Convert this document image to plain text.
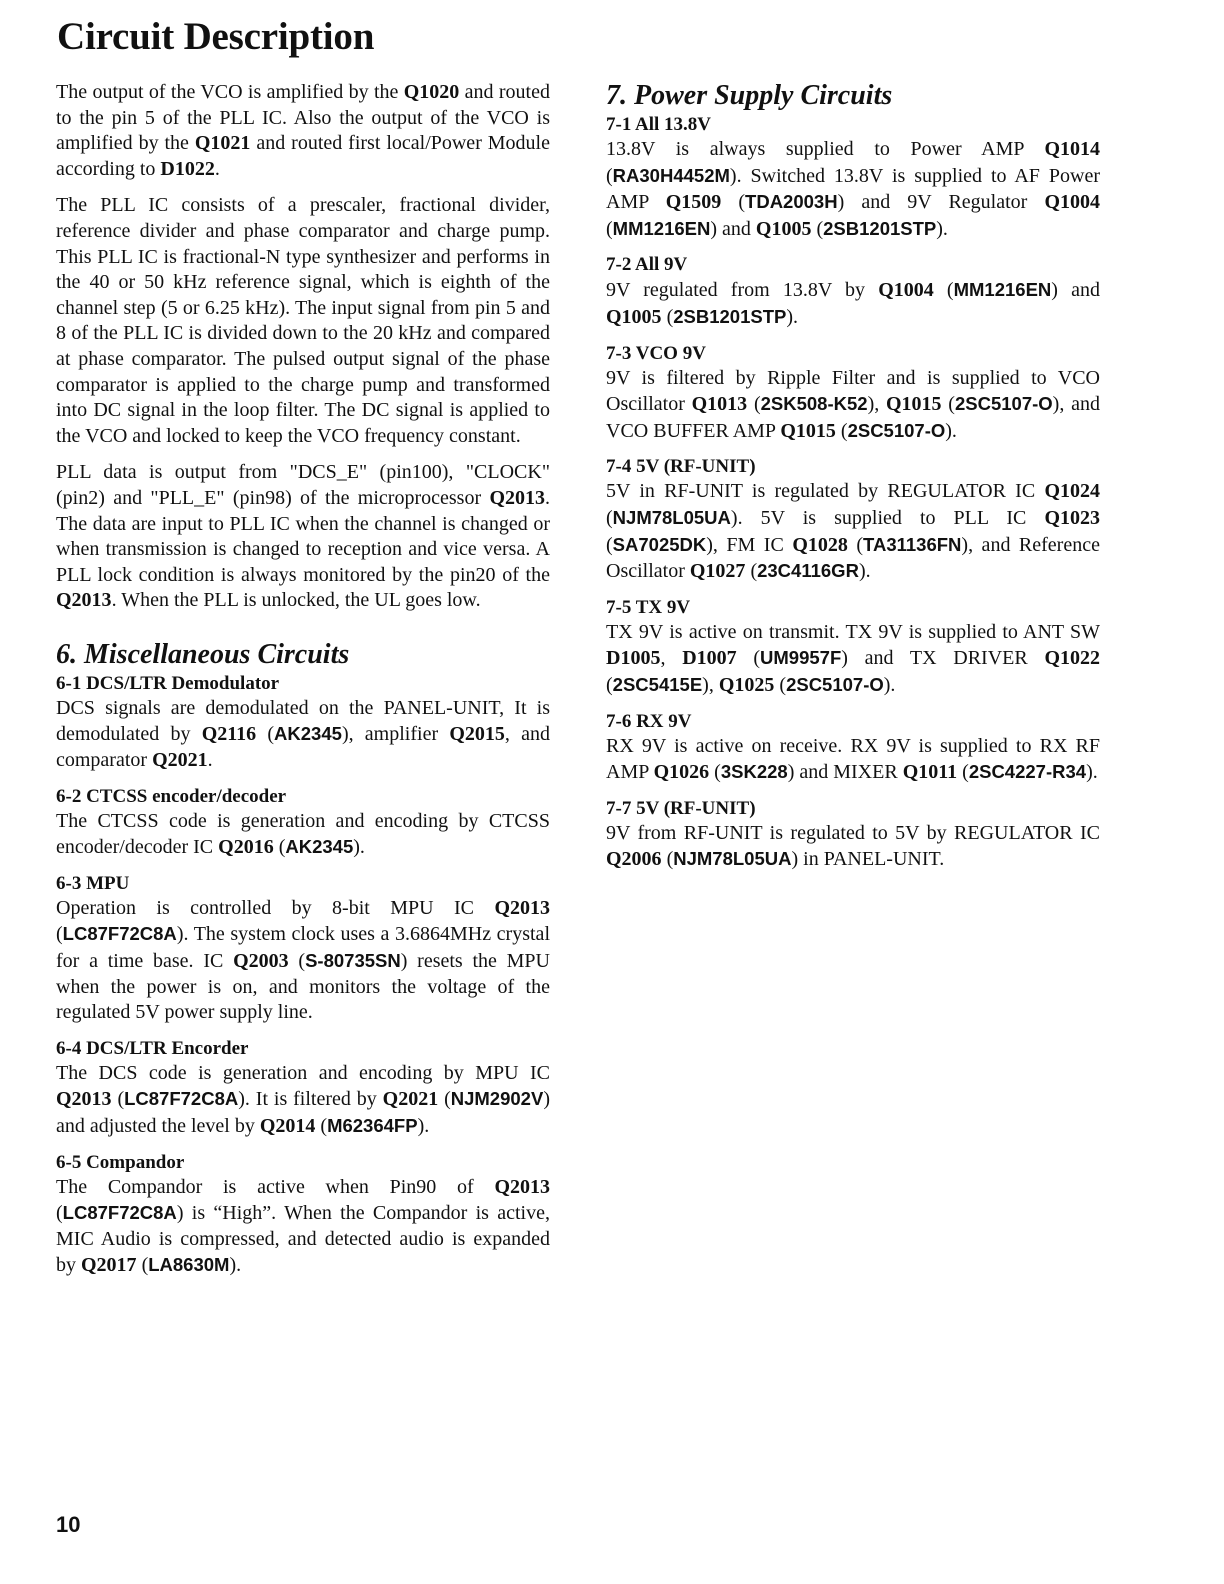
Circuit Description

The output of the VCO is amplified by the Q1020 and routed to the pin 5 of the PLL IC. Also the output of the VCO is amplified by the Q1021 and routed first local/Power Module according to D1022.

The PLL IC consists of a prescaler, fractional divider, reference divider and phase comparator and charge pump. This PLL IC is fractional-N type synthesizer and performs in the 40 or 50 kHz reference signal, which is eighth of the channel step (5 or 6.25 kHz). The input signal from pin 5 and 8 of the PLL IC is divided down to the 20 kHz and compared at phase comparator. The pulsed output signal of the phase comparator is applied to the charge pump and transformed into DC signal in the loop filter. The DC signal is applied to the VCO and locked to keep the VCO frequency constant.

PLL data is output from "DCS_E" (pin100), "CLOCK" (pin2) and "PLL_E" (pin98) of the microprocessor Q2013. The data are input to PLL IC when the channel is changed or when transmission is changed to reception and vice versa. A PLL lock condition is always monitored by the pin20 of the Q2013. When the PLL is unlocked, the UL goes low.

6. Miscellaneous Circuits
6-1 DCS/LTR Demodulator

DCS signals are demodulated on the PANEL-UNIT, It is demodulated by Q2116 (AK2345), amplifier Q2015, and comparator Q2021.

6-2 CTCSS encoder/decoder

The CTCSS code is generation and encoding by CTCSS encoder/decoder IC Q2016 (AK2345).

6-3 MPU

Operation is controlled by 8-bit MPU IC Q2013 (LC87F72C8A). The system clock uses a 3.6864MHz crystal for a time base. IC Q2003 (S-80735SN) resets the MPU when the power is on, and monitors the voltage of the regulated 5V power supply line.

6-4 DCS/LTR Encorder

The DCS code is generation and encoding by MPU IC Q2013 (LC87F72C8A). It is filtered by Q2021 (NJM2902V) and adjusted the level by Q2014 (M62364FP).

6-5 Compandor

The Compandor is active when Pin90 of Q2013 (LC87F72C8A) is “High”. When the Compandor is active, MIC Audio is compressed, and detected audio is expanded by Q2017 (LA8630M).

7. Power Supply Circuits
7-1 All 13.8V

13.8V is always supplied to Power AMP Q1014 (RA30H4452M). Switched 13.8V is supplied to AF Power AMP Q1509 (TDA2003H) and 9V Regulator Q1004 (MM1216EN) and Q1005 (2SB1201STP).

7-2 All 9V

9V regulated from 13.8V by Q1004 (MM1216EN) and Q1005 (2SB1201STP).

7-3 VCO 9V

9V is filtered by Ripple Filter and is supplied to VCO Oscillator Q1013 (2SK508-K52), Q1015 (2SC5107-O), and VCO BUFFER AMP Q1015 (2SC5107-O).

7-4 5V (RF-UNIT)

5V in RF-UNIT is regulated by REGULATOR IC Q1024 (NJM78L05UA). 5V is supplied to PLL IC Q1023 (SA7025DK), FM IC Q1028 (TA31136FN), and Reference Oscillator Q1027 (23C4116GR).

7-5 TX 9V

TX 9V is active on transmit. TX 9V is supplied to ANT SW D1005, D1007 (UM9957F) and TX DRIVER Q1022 (2SC5415E), Q1025 (2SC5107-O).

7-6 RX 9V

RX 9V is active on receive. RX 9V is supplied to RX RF AMP Q1026 (3SK228) and MIXER Q1011 (2SC4227-R34).

7-7 5V (RF-UNIT)

9V from RF-UNIT is regulated to 5V by REGULATOR IC Q2006 (NJM78L05UA) in PANEL-UNIT.

10
